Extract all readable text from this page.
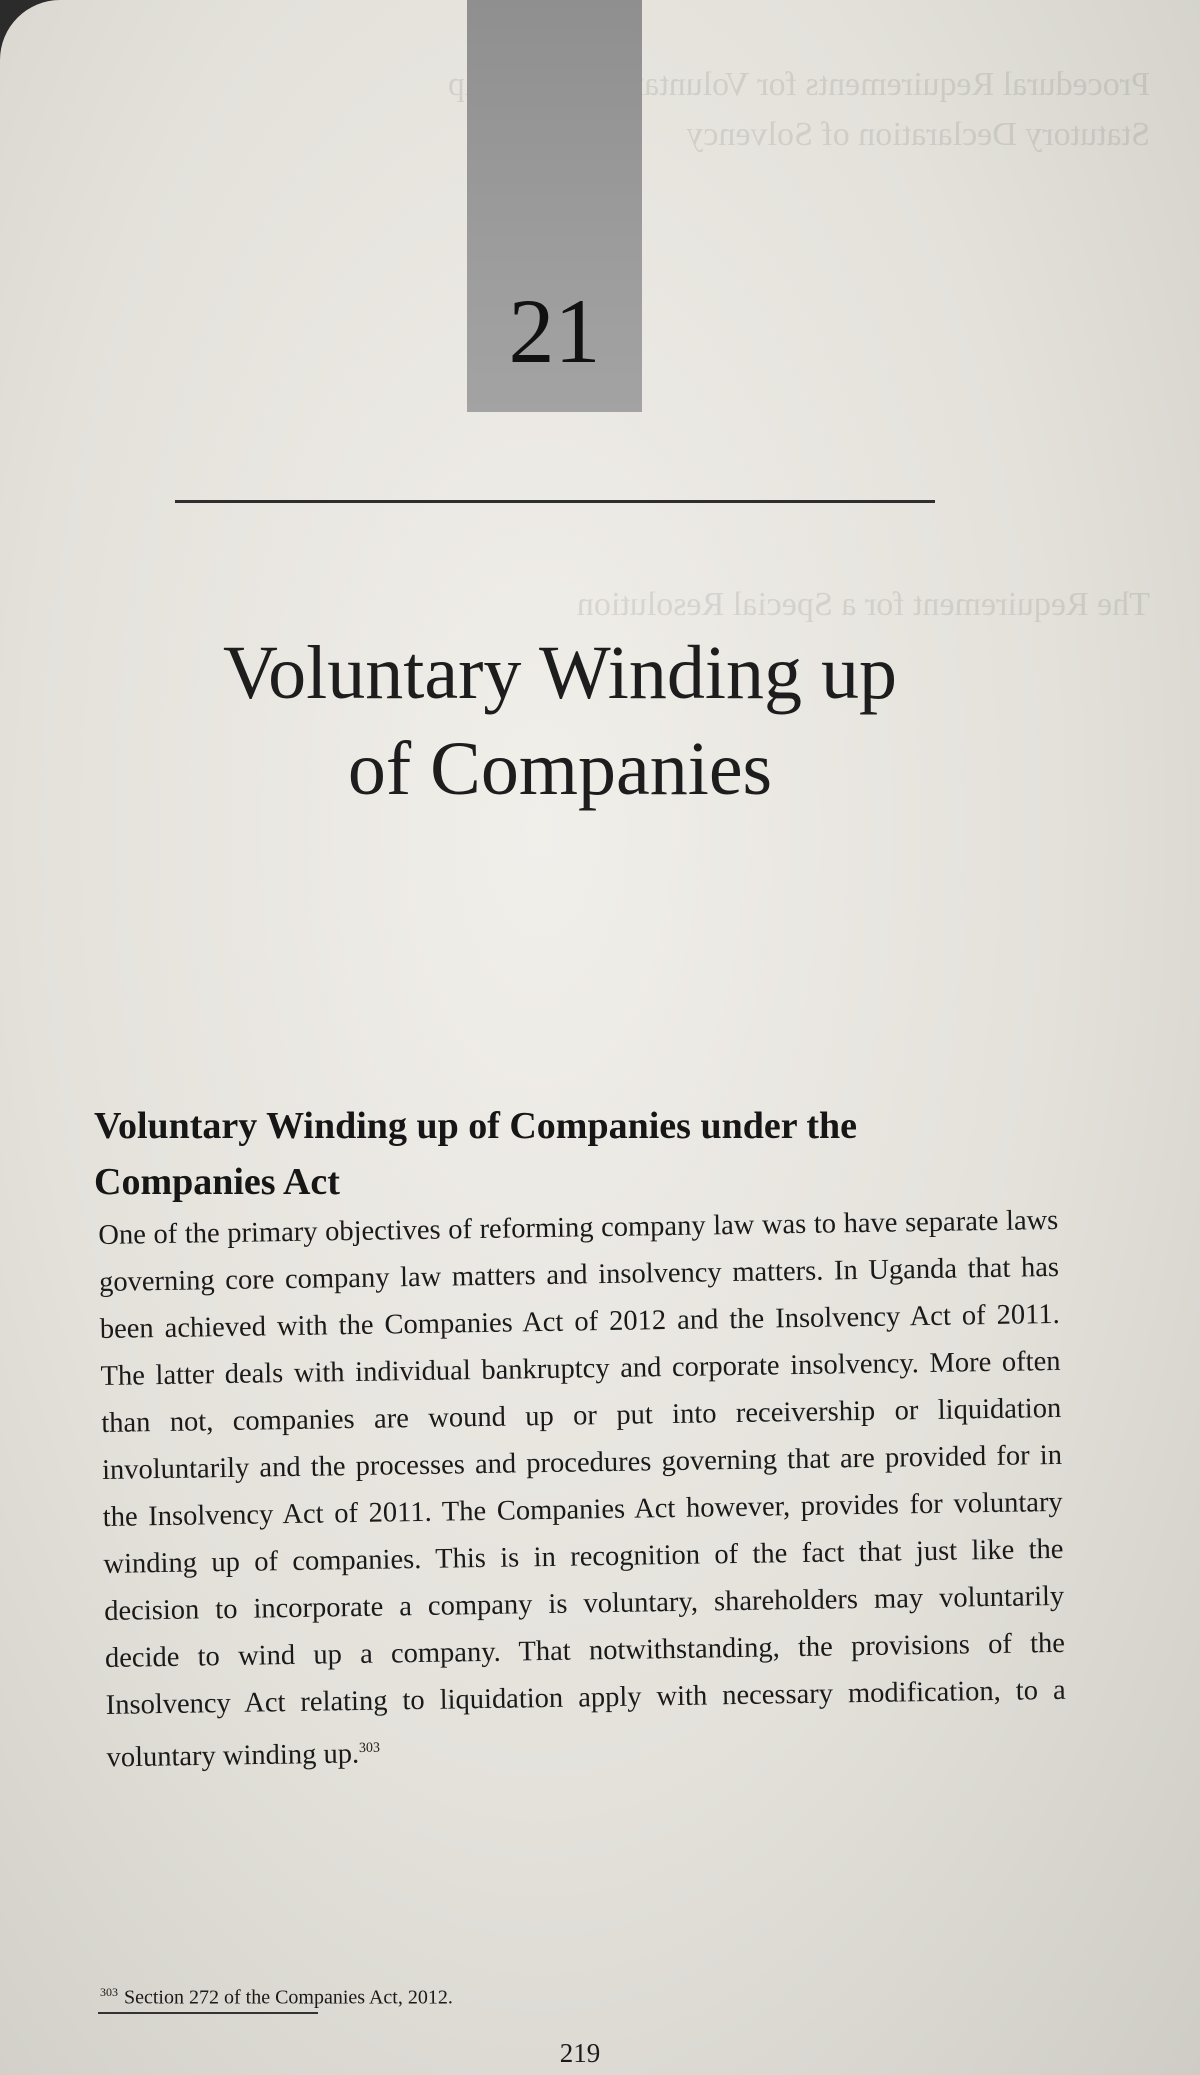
Procedural Requirements for Voluntary Winding up

Statutory Declaration of Solvency

The Requirement for a Special Resolution

21
Voluntary Winding up
of Companies
Voluntary Winding up of Companies under the
Companies Act

One of the primary objectives of reforming company law was to have separate laws governing core company law matters and insolvency matters. In Uganda that has been achieved with the Companies Act of 2012 and the Insolvency Act of 2011. The latter deals with individual bankruptcy and corporate insolvency. More often than not, companies are wound up or put into receivership or liquidation involuntarily and the processes and procedures governing that are provided for in the Insolvency Act of 2011. The Companies Act however, provides for voluntary winding up of companies. This is in recognition of the fact that just like the decision to incorporate a company is voluntary, shareholders may voluntarily decide to wind up a company. That notwithstanding, the provisions of the Insolvency Act relating to liquidation apply with necessary modification, to a voluntary winding up.$^{303}$

$^{303}$ Section 272 of the Companies Act, 2012.
219
